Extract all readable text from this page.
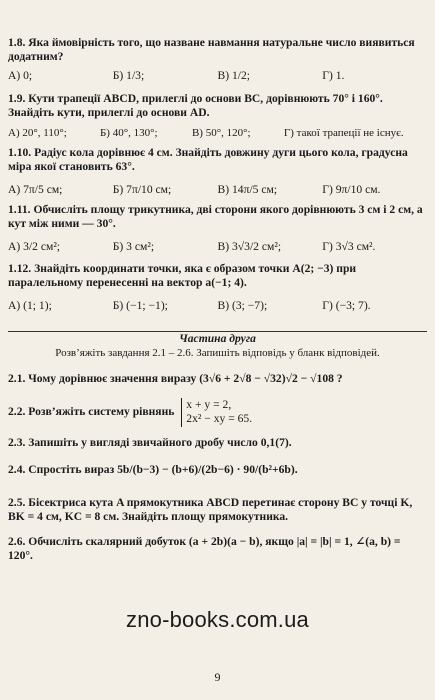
1.8. Яка ймовірність того, що назване навмання натуральне число виявиться додатним?

А) 0;	Б) 1/3;	В) 1/2;	Г) 1.

1.9. Кути трапеції ABCD, прилеглі до основи BC, дорівнюють 70° і 160°. Знайдіть кути, прилеглі до основи AD.

А) 20°, 110°;	Б) 40°, 130°;	В) 50°, 120°;	Г) такої трапеції не існує.

1.10. Радіус кола дорівнює 4 см. Знайдіть довжину дуги цього кола, градусна міра якої становить 63°.

А) 7π/5 см;	Б) 7π/10 см;	В) 14π/5 см;	Г) 9π/10 см.

1.11. Обчисліть площу трикутника, дві сторони якого дорівнюють 3 см і 2 см, а кут між ними — 30°.

А) 3/2 см²;	Б) 3 см²;	В) 3√3/2 см²;	Г) 3√3 см².

1.12. Знайдіть координати точки, яка є образом точки A(2; −3) при паралельному перенесенні на вектор a(−1; 4).

А) (1; 1);	Б) (−1; −1);	В) (3; −7);	Г) (−3; 7).
Частина друга
Розв’яжіть завдання 2.1 – 2.6. Запишіть відповідь у бланк відповідей.
2.1. Чому дорівнює значення виразу (3√6 + 2√8 − √32)√2 − √108 ?
2.2. Розв’яжіть систему рівнянь
x + y = 2,
2x² − xy = 65.
2.3. Запишіть у вигляді звичайного дробу число 0,1(7).
2.4. Спростіть вираз 5b/(b−3) − (b+6)/(2b−6) · 90/(b²+6b).
2.5. Бісектриса кута A прямокутника ABCD перетинає сторону BC у точці K, BK = 4 см, KC = 8 см. Знайдіть площу прямокутника.
2.6. Обчисліть скалярний добуток (a + 2b)(a − b), якщо |a| = |b| = 1, ∠(a, b) = 120°.
zno-books.com.ua
9
